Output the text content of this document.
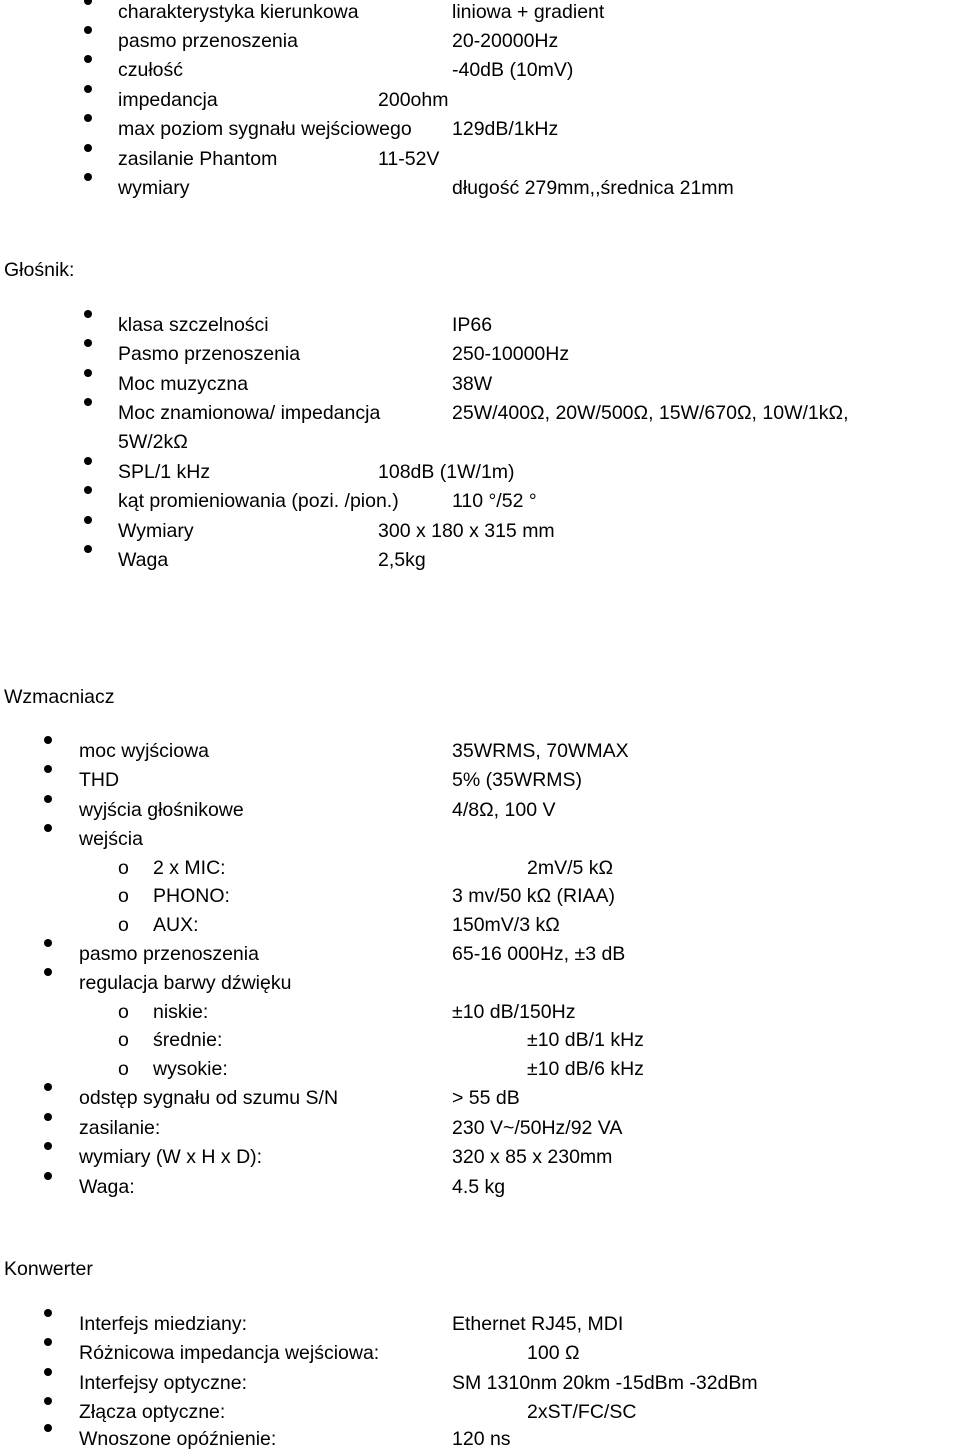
charakterystyka kierunkowa	liniowa + gradient
pasmo przenoszenia	20-20000Hz
czułość	-40dB (10mV)
impedancja	200ohm
max poziom sygnału wejściowego 129dB/1kHz
zasilanie Phantom	11-52V
wymiary	długość 279mm,,średnica 21mm
Głośnik:
klasa szczelności	IP66
Pasmo przenoszenia	250-10000Hz
Moc muzyczna	38W
Moc znamionowa/ impedancja	25W/400Ω, 20W/500Ω, 15W/670Ω, 10W/1kΩ,
5W/2kΩ
SPL/1 kHz	108dB (1W/1m)
kąt promieniowania (pozi. /pion.)	110 °/52 °
Wymiary	300 x 180 x 315 mm
Waga	2,5kg
Wzmacniacz
moc wyjściowa	35WRMS, 70WMAX
THD	5% (35WRMS)
wyjścia głośnikowe	4/8Ω, 100 V
wejścia
o 2 x MIC:	2mV/5 kΩ
o PHONO:	3 mv/50 kΩ (RIAA)
o AUX:	150mV/3 kΩ
pasmo przenoszenia	65-16 000Hz, ±3 dB
regulacja barwy dźwięku
o niskie:	±10 dB/150Hz
o średnie:	±10 dB/1 kHz
o wysokie:	±10 dB/6 kHz
odstęp sygnału od szumu S/N	> 55 dB
zasilanie:	230 V~/50Hz/92 VA
wymiary (W x H x D):	320 x 85 x 230mm
Waga:	4.5 kg
Konwerter
Interfejs miedziany:	Ethernet RJ45, MDI
Różnicowa impedancja wejściowa:	100 Ω
Interfejsy optyczne:	SM 1310nm 20km -15dBm -32dBm
Złącza optyczne:	2xST/FC/SC
Wnoszone opóźnienie:	120 ns
